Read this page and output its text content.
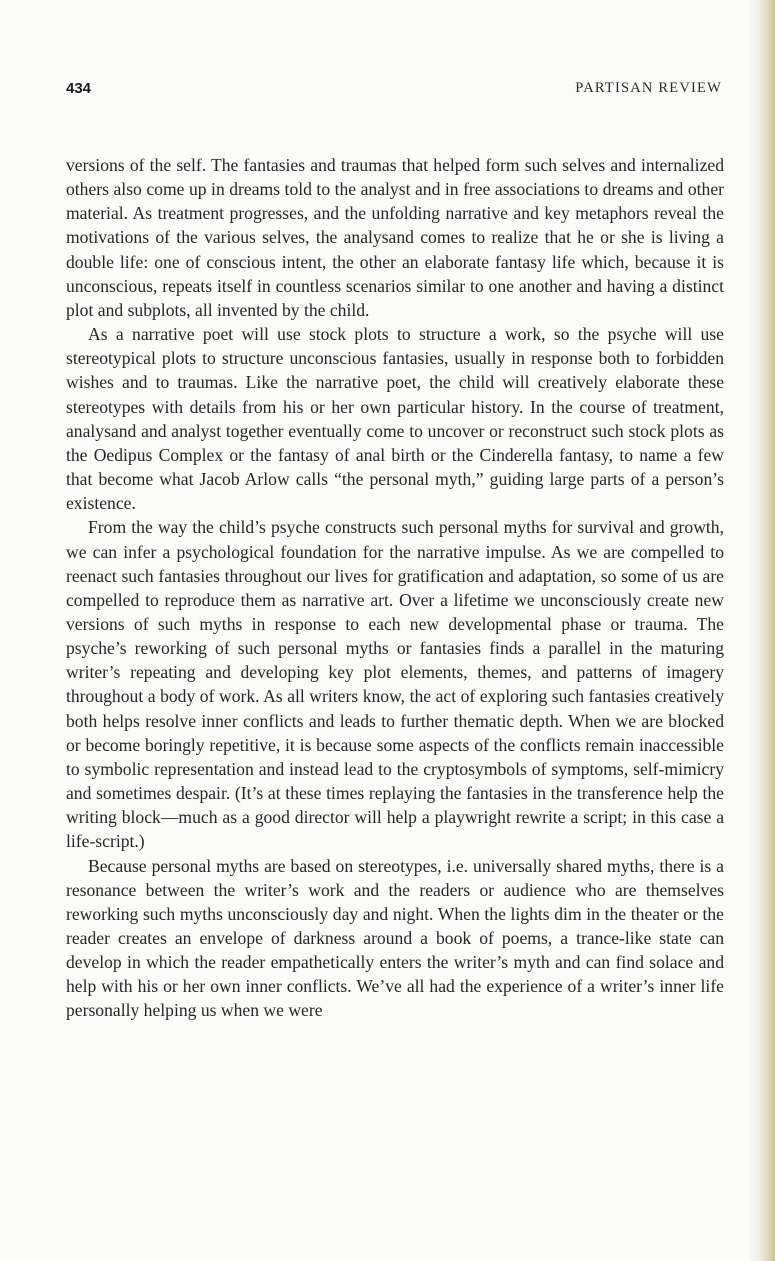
434	PARTISAN REVIEW

versions of the self. The fantasies and traumas that helped form such selves and internalized others also come up in dreams told to the analyst and in free associations to dreams and other material. As treatment progresses, and the unfolding narrative and key metaphors reveal the motivations of the various selves, the analysand comes to realize that he or she is living a double life: one of conscious intent, the other an elaborate fantasy life which, because it is unconscious, repeats itself in countless scenarios similar to one another and having a distinct plot and subplots, all invented by the child.

As a narrative poet will use stock plots to structure a work, so the psyche will use stereotypical plots to structure unconscious fantasies, usually in response both to forbidden wishes and to traumas. Like the narrative poet, the child will creatively elaborate these stereotypes with details from his or her own particular history. In the course of treatment, analysand and analyst together eventually come to uncover or reconstruct such stock plots as the Oedipus Complex or the fantasy of anal birth or the Cinderella fantasy, to name a few that become what Jacob Arlow calls “the personal myth,” guiding large parts of a person’s existence.

From the way the child’s psyche constructs such personal myths for survival and growth, we can infer a psychological foundation for the narrative impulse. As we are compelled to reenact such fantasies throughout our lives for gratification and adaptation, so some of us are compelled to reproduce them as narrative art. Over a lifetime we unconsciously create new versions of such myths in response to each new developmental phase or trauma. The psyche’s reworking of such personal myths or fantasies finds a parallel in the maturing writer’s repeating and developing key plot elements, themes, and patterns of imagery throughout a body of work. As all writers know, the act of exploring such fantasies creatively both helps resolve inner conflicts and leads to further thematic depth. When we are blocked or become boringly repetitive, it is because some aspects of the conflicts remain inaccessible to symbolic representation and instead lead to the cryptosymbols of symptoms, self-mimicry and sometimes despair. (It’s at these times replaying the fantasies in the transference help the writing block—much as a good director will help a playwright rewrite a script; in this case a life-script.)

Because personal myths are based on stereotypes, i.e. universally shared myths, there is a resonance between the writer’s work and the readers or audience who are themselves reworking such myths unconsciously day and night. When the lights dim in the theater or the reader creates an envelope of darkness around a book of poems, a trance-like state can develop in which the reader empathetically enters the writer’s myth and can find solace and help with his or her own inner conflicts. We’ve all had the experience of a writer’s inner life personally helping us when we were
